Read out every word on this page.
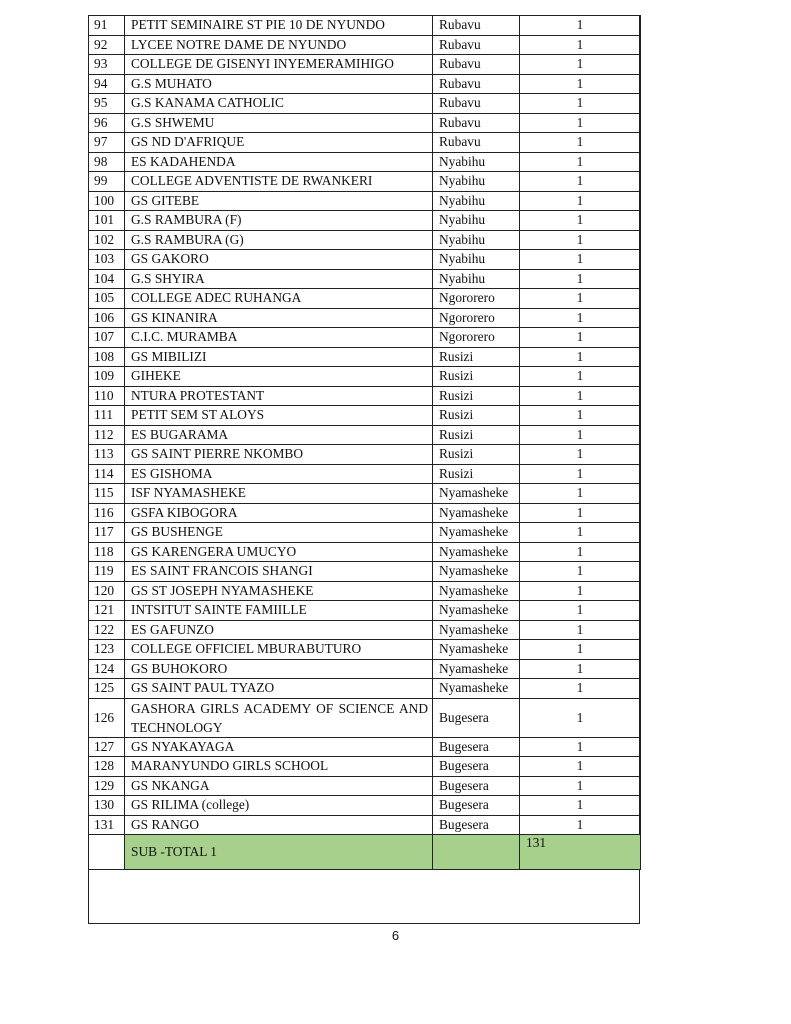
91	PETIT SEMINAIRE ST PIE 10 DE NYUNDO	Rubavu	1
92	LYCEE NOTRE DAME DE NYUNDO	Rubavu	1
93	COLLEGE DE GISENYI INYEMERAMIHIGO	Rubavu	1
94	G.S MUHATO	Rubavu	1
95	G.S KANAMA CATHOLIC	Rubavu	1
96	G.S SHWEMU	Rubavu	1
97	GS ND D'AFRIQUE	Rubavu	1
98	ES KADAHENDA	Nyabihu	1
99	COLLEGE ADVENTISTE DE RWANKERI	Nyabihu	1
100	GS GITEBE	Nyabihu	1
101	G.S RAMBURA (F)	Nyabihu	1
102	G.S RAMBURA (G)	Nyabihu	1
103	GS GAKORO	Nyabihu	1
104	G.S SHYIRA	Nyabihu	1
105	COLLEGE ADEC RUHANGA	Ngororero	1
106	GS KINANIRA	Ngororero	1
107	C.I.C. MURAMBA	Ngororero	1
108	GS MIBILIZI	Rusizi	1
109	GIHEKE	Rusizi	1
110	NTURA PROTESTANT	Rusizi	1
111	PETIT SEM ST ALOYS	Rusizi	1
112	ES BUGARAMA	Rusizi	1
113	GS SAINT PIERRE NKOMBO	Rusizi	1
114	ES GISHOMA	Rusizi	1
115	ISF NYAMASHEKE	Nyamasheke	1
116	GSFA KIBOGORA	Nyamasheke	1
117	GS BUSHENGE	Nyamasheke	1
118	GS KARENGERA UMUCYO	Nyamasheke	1
119	ES SAINT FRANCOIS SHANGI	Nyamasheke	1
120	GS ST JOSEPH NYAMASHEKE	Nyamasheke	1
121	INTSITUT SAINTE FAMIILLE	Nyamasheke	1
122	ES GAFUNZO	Nyamasheke	1
123	COLLEGE OFFICIEL MBURABUTURO	Nyamasheke	1
124	GS BUHOKORO	Nyamasheke	1
125	GS SAINT PAUL TYAZO	Nyamasheke	1
126	GASHORA GIRLS ACADEMY OF SCIENCE AND TECHNOLOGY	Bugesera	1
127	GS NYAKAYAGA	Bugesera	1
128	MARANYUNDO GIRLS SCHOOL	Bugesera	1
129	GS NKANGA	Bugesera	1
130	GS RILIMA (college)	Bugesera	1
131	GS RANGO	Bugesera	1
	SUB -TOTAL 1		131
6
